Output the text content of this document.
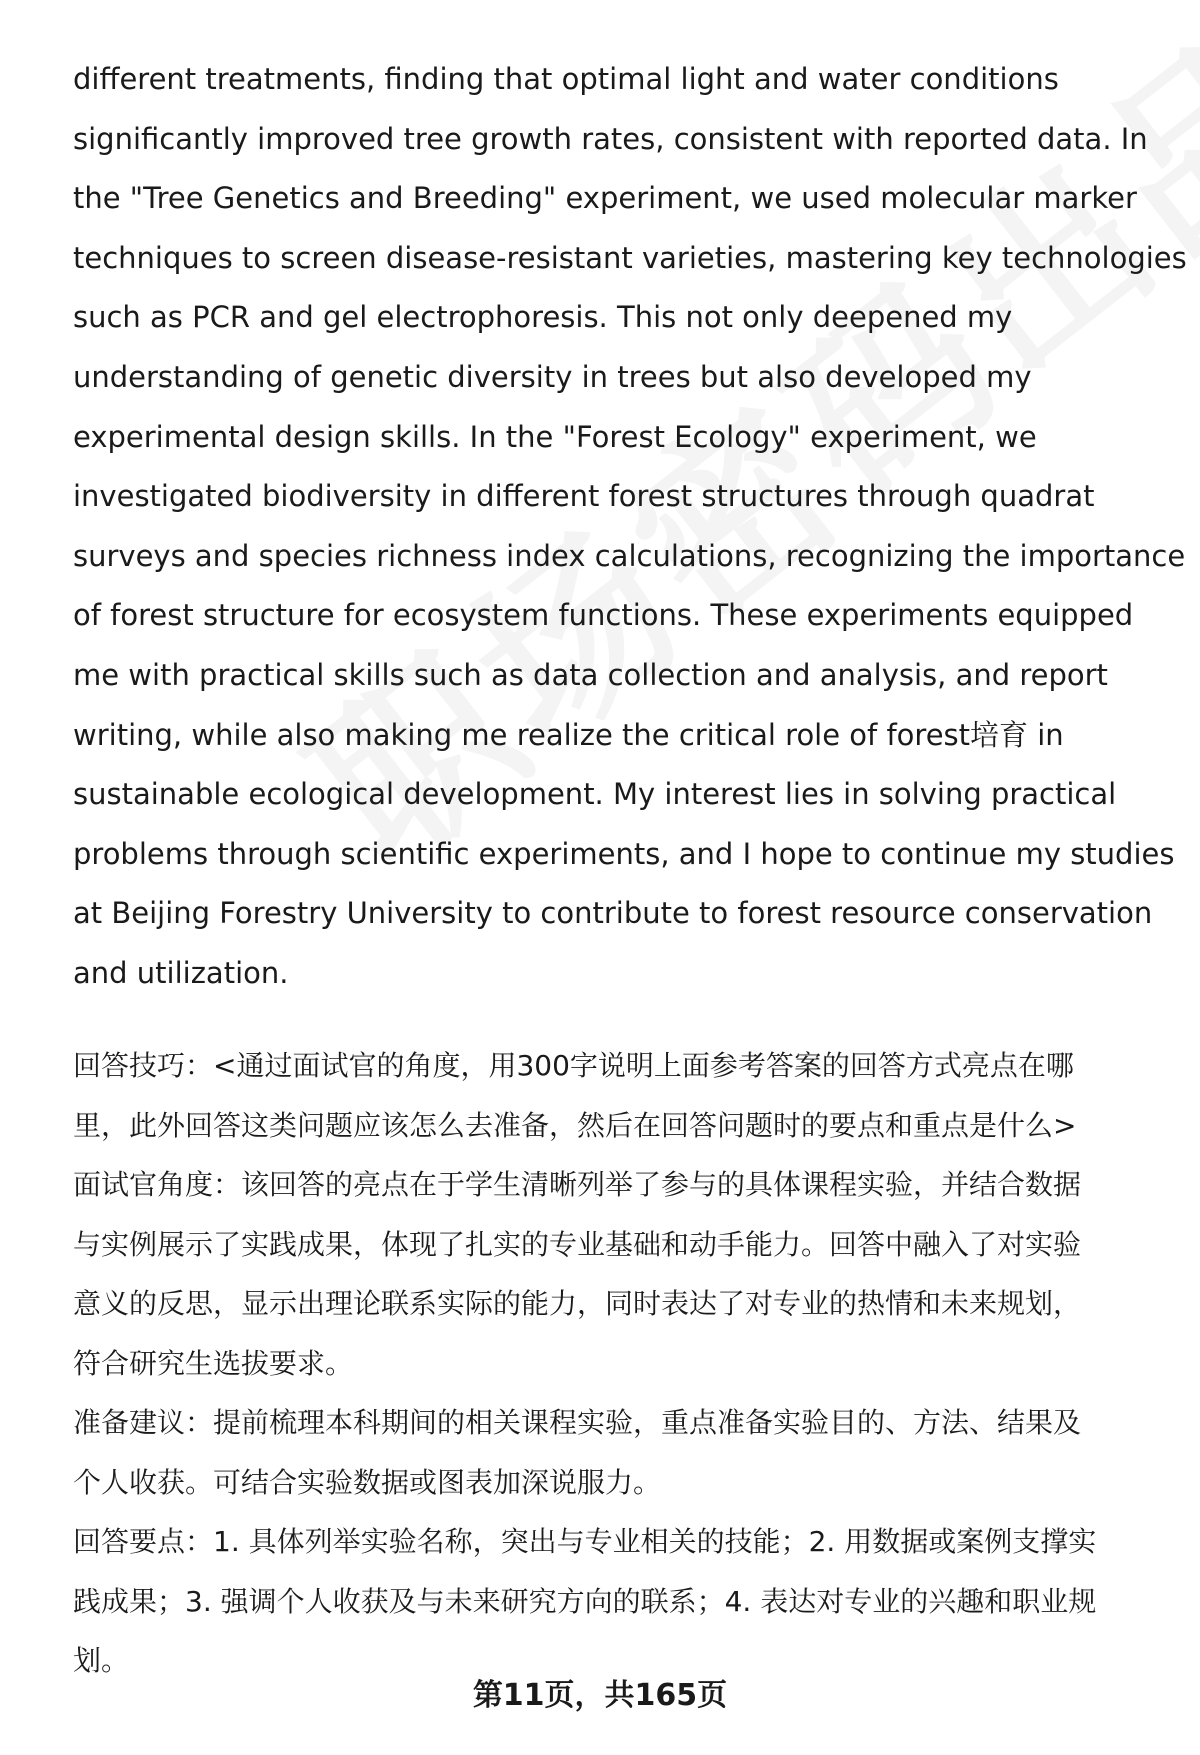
different treatments, finding that optimal light and water conditions
significantly improved tree growth rates, consistent with reported data. In
the "Tree Genetics and Breeding" experiment, we used molecular marker
techniques to screen disease-resistant varieties, mastering key technologies
such as PCR and gel electrophoresis. This not only deepened my
understanding of genetic diversity in trees but also developed my
experimental design skills. In the "Forest Ecology" experiment, we
investigated biodiversity in different forest structures through quadrat
surveys and species richness index calculations, recognizing the importance
of forest structure for ecosystem functions. These experiments equipped
me with practical skills such as data collection and analysis, and report
writing, while also making me realize the critical role of forest培育 in
sustainable ecological development. My interest lies in solving practical
problems through scientific experiments, and I hope to continue my studies
at Beijing Forestry University to contribute to forest resource conservation
and utilization.
回答技巧：<通过面试官的角度，用300字说明上面参考答案的回答方式亮点在哪
里，此外回答这类问题应该怎么去准备，然后在回答问题时的要点和重点是什么>
面试官角度：该回答的亮点在于学生清晰列举了参与的具体课程实验，并结合数据
与实例展示了实践成果，体现了扎实的专业基础和动手能力。回答中融入了对实验
意义的反思，显示出理论联系实际的能力，同时表达了对专业的热情和未来规划，
符合研究生选拔要求。
准备建议：提前梳理本科期间的相关课程实验，重点准备实验目的、方法、结果及
个人收获。可结合实验数据或图表加深说服力。
回答要点：1. 具体列举实验名称，突出与专业相关的技能；2. 用数据或案例支撑实
践成果；3. 强调个人收获及与未来研究方向的联系；4. 表达对专业的兴趣和职业规
划。
第11页，共165页
